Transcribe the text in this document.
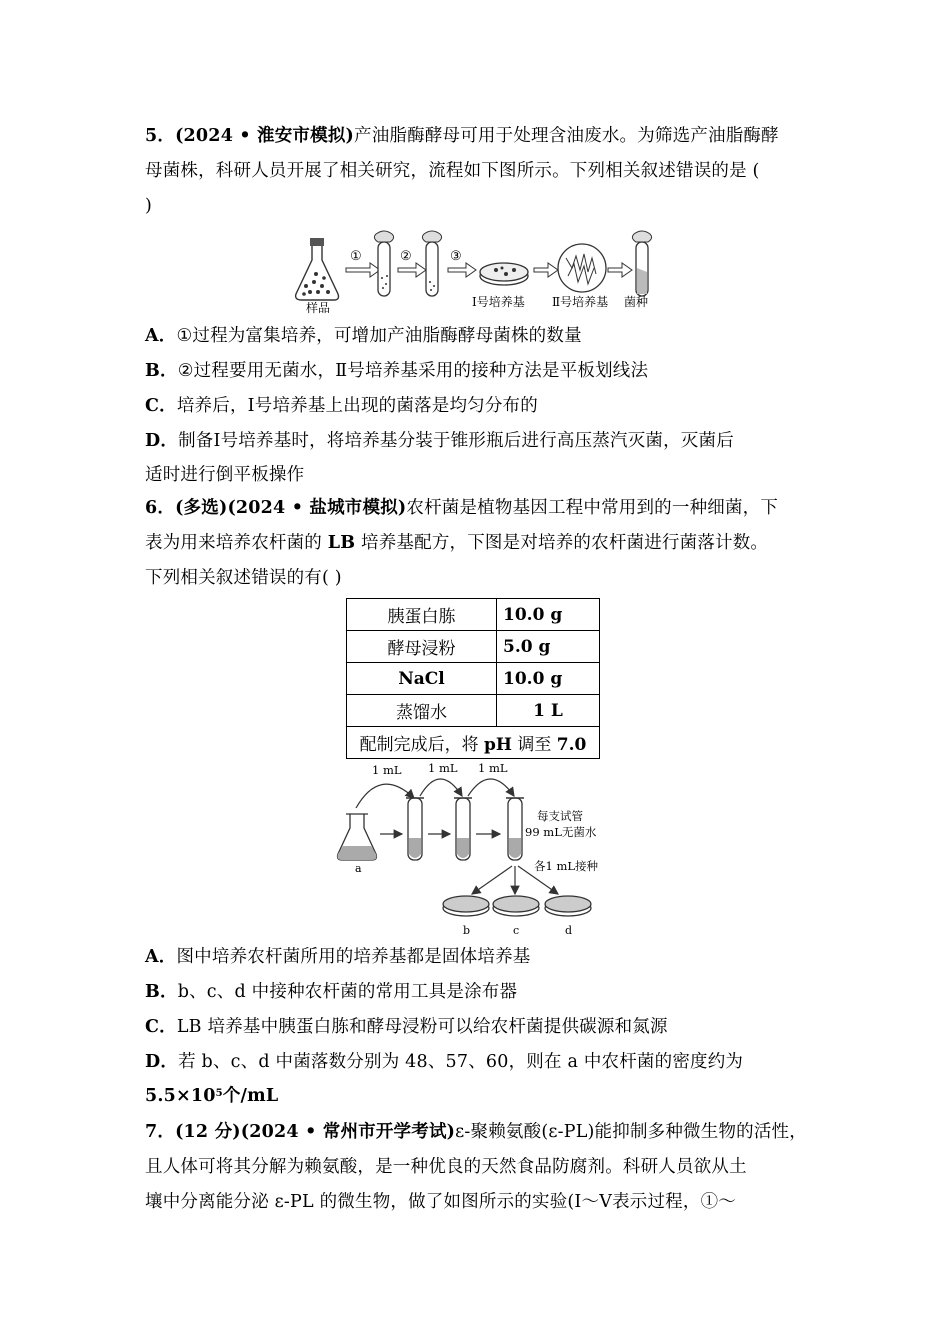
5．(2024 • 淮安市模拟)产油脂酶酵母可用于处理含油废水。为筛选产油脂酶酵
母菌株，科研人员开展了相关研究，流程如下图所示。下列相关叙述错误的是 (
)
样品
①	②	③
Ⅰ号培养基 Ⅱ号培养基 菌种
A．①过程为富集培养，可增加产油脂酶酵母菌株的数量
B．②过程要用无菌水，Ⅱ号培养基采用的接种方法是平板划线法
C．培养后，Ⅰ号培养基上出现的菌落是均匀分布的
D．制备Ⅰ号培养基时，将培养基分装于锥形瓶后进行高压蒸汽灭菌，灭菌后
适时进行倒平板操作
6．(多选)(2024 • 盐城市模拟)农杆菌是植物基因工程中常用到的一种细菌，下
表为用来培养农杆菌的 LB 培养基配方，下图是对培养的农杆菌进行菌落计数。
下列相关叙述错误的有( )
胰蛋白胨	10.0 g
酵母浸粉	5.0 g
NaCl	10.0 g
蒸馏水	1 L
配制完成后，将 pH 调至 7.0	
1 mL 1 mL 1 mL
a
每支试管
99 mL无菌水
各1 mL接种
b	c	d
A．图中培养农杆菌所用的培养基都是固体培养基
B．b、c、d 中接种农杆菌的常用工具是涂布器
C．LB 培养基中胰蛋白胨和酵母浸粉可以给农杆菌提供碳源和氮源
D．若 b、c、d 中菌落数分别为 48、57、60，则在 a 中农杆菌的密度约为
$5.5\times 10^5$个/mL
7．(12 分)(2024 • 常州市开学考试)ε-聚赖氨酸(ε-PL)能抑制多种微生物的活性，
且人体可将其分解为赖氨酸，是一种优良的天然食品防腐剂。科研人员欲从土
壤中分离能分泌 ε-PL 的微生物，做了如图所示的实验(Ⅰ～Ⅴ表示过程，①～
